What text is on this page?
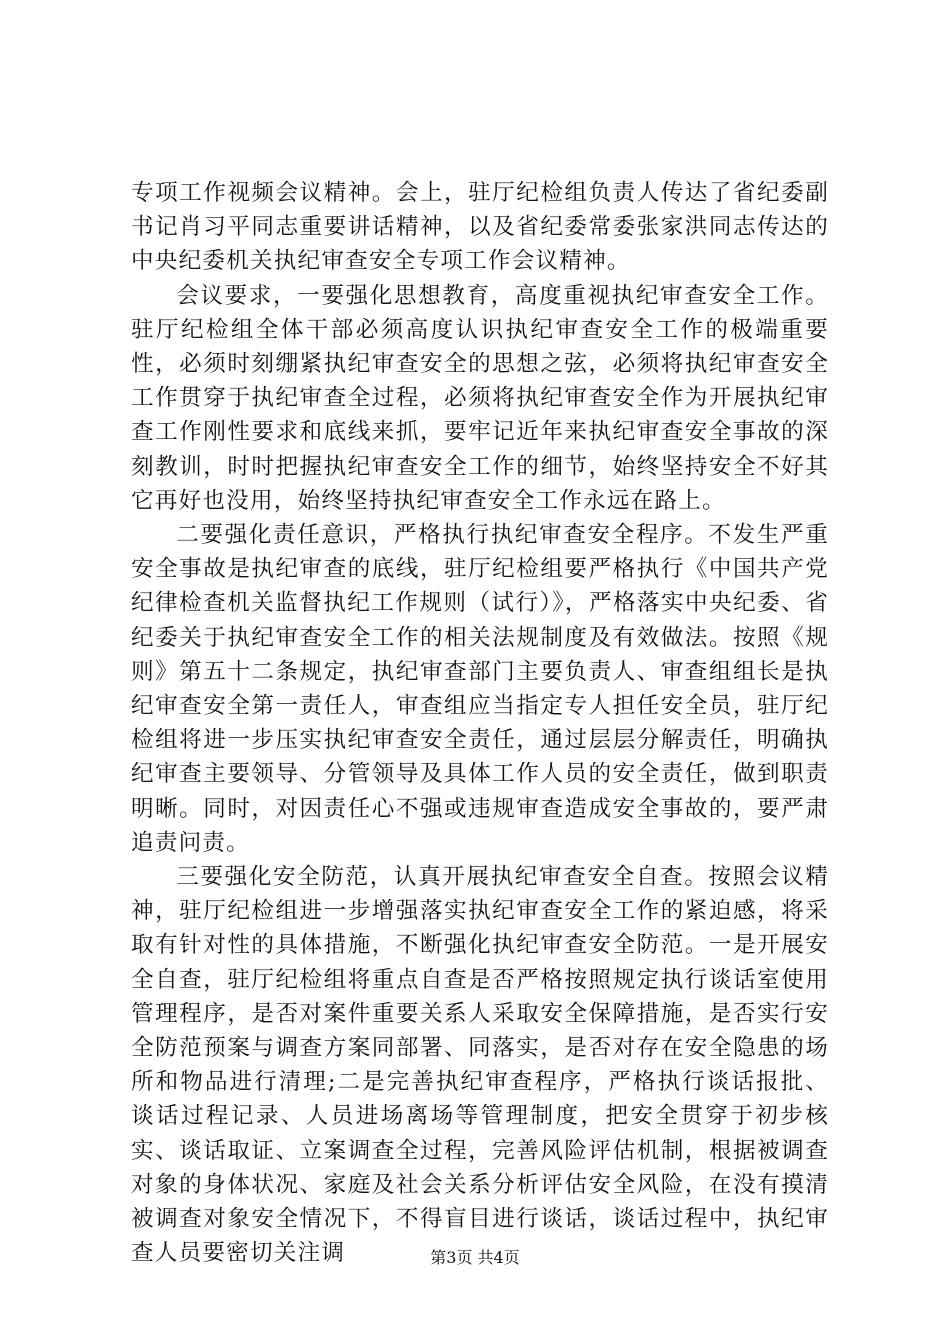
专项工作视频会议精神。会上，驻厅纪检组负责人传达了省纪委副书记肖习平同志重要讲话精神，以及省纪委常委张家洪同志传达的中央纪委机关执纪审查安全专项工作会议精神。

会议要求，一要强化思想教育，高度重视执纪审查安全工作。驻厅纪检组全体干部必须高度认识执纪审查安全工作的极端重要性，必须时刻绷紧执纪审查安全的思想之弦，必须将执纪审查安全工作贯穿于执纪审查全过程，必须将执纪审查安全作为开展执纪审查工作刚性要求和底线来抓，要牢记近年来执纪审查安全事故的深刻教训，时时把握执纪审查安全工作的细节，始终坚持安全不好其它再好也没用，始终坚持执纪审查安全工作永远在路上。

二要强化责任意识，严格执行执纪审查安全程序。不发生严重安全事故是执纪审查的底线，驻厅纪检组要严格执行《中国共产党纪律检查机关监督执纪工作规则（试行）》，严格落实中央纪委、省纪委关于执纪审查安全工作的相关法规制度及有效做法。按照《规则》第五十二条规定，执纪审查部门主要负责人、审查组组长是执纪审查安全第一责任人，审查组应当指定专人担任安全员，驻厅纪检组将进一步压实执纪审查安全责任，通过层层分解责任，明确执纪审查主要领导、分管领导及具体工作人员的安全责任，做到职责明晰。同时，对因责任心不强或违规审查造成安全事故的，要严肃追责问责。

三要强化安全防范，认真开展执纪审查安全自查。按照会议精神，驻厅纪检组进一步增强落实执纪审查安全工作的紧迫感，将采取有针对性的具体措施，不断强化执纪审查安全防范。一是开展安全自查，驻厅纪检组将重点自查是否严格按照规定执行谈话室使用管理程序，是否对案件重要关系人采取安全保障措施，是否实行安全防范预案与调查方案同部署、同落实，是否对存在安全隐患的场所和物品进行清理;二是完善执纪审查程序，严格执行谈话报批、谈话过程记录、人员进场离场等管理制度，把安全贯穿于初步核实、谈话取证、立案调查全过程，完善风险评估机制，根据被调查对象的身体状况、家庭及社会关系分析评估安全风险，在没有摸清被调查对象安全情况下，不得盲目进行谈话，谈话过程中，执纪审查人员要密切关注调	第3页 共4页
